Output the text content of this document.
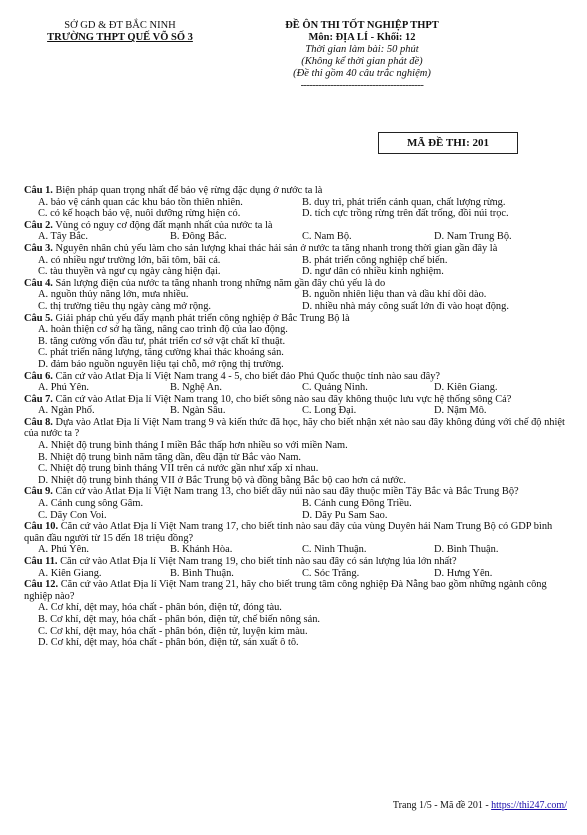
SỞ GD & ĐT BẮC NINH
TRƯỜNG THPT QUẾ VÕ SỐ 3
ĐỀ ÔN THI TỐT NGHIỆP THPT
Môn: ĐỊA LÍ - Khối: 12
Thời gian làm bài: 50 phút
(Không kể thời gian phát đề)
(Đề thi gồm 40 câu trắc nghiệm)
-----------------------------------------
MÃ ĐỀ THI: 201
Câu 1. Biện pháp quan trọng nhất để bảo vệ rừng đặc dụng ở nước ta là
A. bảo vệ cảnh quan các khu bảo tồn thiên nhiên.	B. duy trì, phát triển cảnh quan, chất lượng rừng.
C. có kế hoạch bảo vệ, nuôi dưỡng rừng hiện có.	D. tích cực trồng rừng trên đất trống, đồi núi trọc.
Câu 2. Vùng có nguy cơ động đất mạnh nhất của nước ta là
A. Tây Bắc.	B. Đông Bắc.	C. Nam Bộ.	D. Nam Trung Bộ.
Câu 3. Nguyên nhân chủ yếu làm cho sản lượng khai thác hải sản ở nước ta tăng nhanh trong thời gian gần đây là
A. có nhiều ngư trường lớn, bãi tôm, bãi cá.	B. phát triển công nghiệp chế biến.
C. tàu thuyền và ngư cụ ngày càng hiện đại.	D. ngư dân có nhiều kinh nghiệm.
Câu 4. Sản lượng điện của nước ta tăng nhanh trong những năm gần đây chủ yếu là do
A. nguồn thủy năng lớn, mưa nhiều.	B. nguồn nhiên liệu than và dầu khí dồi dào.
C. thị trường tiêu thụ ngày càng mở rộng.	D. nhiều nhà máy công suất lớn đi vào hoạt động.
Câu 5. Giải pháp chủ yếu đẩy mạnh phát triển công nghiệp ở Bắc Trung Bộ là
A. hoàn thiện cơ sở hạ tầng, nâng cao trình độ của lao động.
B. tăng cường vốn đầu tư, phát triển cơ sở vật chất kĩ thuật.
C. phát triển năng lượng, tăng cường khai thác khoáng sản.
D. đảm bảo nguồn nguyên liệu tại chỗ, mở rộng thị trường.
Câu 6. Căn cứ vào Atlat Địa lí Việt Nam trang 4 - 5, cho biết đảo Phú Quốc thuộc tỉnh nào sau đây?
A. Phú Yên.	B. Nghệ An.	C. Quảng Ninh.	D. Kiên Giang.
Câu 7. Căn cứ vào Atlat Địa lí Việt Nam trang 10, cho biết sông nào sau đây không thuộc lưu vực hệ thống sông Cả?
A. Ngàn Phố.	B. Ngàn Sâu.	C. Long Đại.	D. Nậm Mô.
Câu 8. Dựa vào Atlat Địa lí Việt Nam trang 9 và kiến thức đã học, hãy cho biết nhận xét nào sau đây không đúng với chế độ nhiệt của nước ta ?
A. Nhiệt độ trung bình tháng I miền Bắc thấp hơn nhiều so với miền Nam.
B. Nhiệt độ trung bình năm tăng dần, đều đặn từ Bắc vào Nam.
C. Nhiệt độ trung bình tháng VII trên cả nước gần như xấp xỉ nhau.
D. Nhiệt độ trung bình tháng VII ở Bắc Trung bộ và đồng bằng Bắc bộ cao hơn cả nước.
Câu 9. Căn cứ vào Atlat Địa lí Việt Nam trang 13, cho biết dãy núi nào sau đây thuộc miền Tây Bắc và Bắc Trung Bộ?
A. Cánh cung sông Gâm.	B. Cánh cung Đông Triều.
C. Dãy Con Voi.	D. Dãy Pu Sam Sao.
Câu 10. Căn cứ vào Atlat Địa lí Việt Nam trang 17, cho biết tỉnh nào sau đây của vùng Duyên hải Nam Trung Bộ có GDP bình quân đầu người từ 15 đến 18 triệu đồng?
A. Phú Yên.	B. Khánh Hòa.	C. Ninh Thuận.	D. Bình Thuận.
Câu 11. Căn cứ vào Atlat Địa lí Việt Nam trang 19, cho biết tỉnh nào sau đây có sản lượng lúa lớn nhất?
A. Kiên Giang.	B. Bình Thuận.	C. Sóc Trăng.	D. Hưng Yên.
Câu 12. Căn cứ vào Atlat Địa lí Việt Nam trang 21, hãy cho biết trung tâm công nghiệp Đà Nẵng bao gồm những ngành công nghiệp nào?
A. Cơ khí, dệt may, hóa chất - phân bón, điện tử, đóng tàu.
B. Cơ khí, dệt may, hóa chất - phân bón, điện tử, chế biến nông sản.
C. Cơ khí, dệt may, hóa chất - phân bón, điện tử, luyện kim màu.
D. Cơ khí, dệt may, hóa chất - phân bón, điện tử, sản xuất ô tô.
Trang 1/5 - Mã đề 201 - https://thi247.com/
